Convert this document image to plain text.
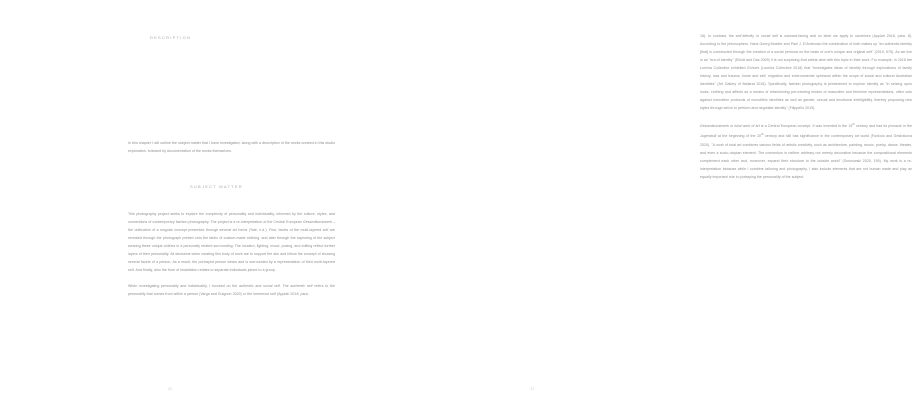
DESCRIPTION

In this chapter I will outline the subject matter that I have investigated, along with a description of the works created in this studio exploration, followed by documentation of the works themselves.

SUBJECT MATTER

This photography project seeks to explore the complexity of personality and individuality, informed by the culture, styles, and conventions of contemporary fashion photography. The project is a re-interpretation of the Central European Gesamtkunstwerk – the unification of a singular concept presented through several art forms (Tate, n.d.). First, facets of the multi-layered self are revealed through the photograph printed onto the fabric of custom-made clothing, and later through the capturing of the subject wearing these unique clothes in a personally related surrounding. The location, lighting, mood, posing, and editing reflect further layers of their personality. All decisions when creating this body of work are to support the aim and follow the concept of showing several facets of a person. As a result, the portrayed person wears and is surrounded by a representation of their multi-layered self. And finally, also the form of installation relates to separate individuals joined to a group.

When investigating personality and individuality, I focused on the authentic and social self. The authentic self refers to the personality that comes from within a person (Varga and Guignon 2020) or the innermost self (Appiah 2018, para.

20

16). In contrast, the self-identity or social self is outward-facing and no label we apply to ourselves (Appiah 2018, para. 8). According to the philosophers, Hans Georg Moeller and Paul J. D'Ambrosio the combination of both makes up "an authentic identity [that] is constructed through the creation of a social persona on the basis of one's unique and original self" (2019, 575). As we live in an "era of identity" (Elliott and Das 2009) it is not surprising that artists deal with this topic in their work. For example, in 2018 the Lumina Collective exhibited Echoes (Lumina Collective 2018) that "investigates ideas of identity through explorations of family history, loss and trauma, home and self, migration and environmental upheaval within the scope of social and cultural Australian identities" (Art Gallery of Ballarat 2018). Specifically, fashion photography is predestined to explore identity as "in seizing upon looks, clothing and affects as a means of refashioning pre-existing modes of masculine and feminine representations, often cuts against normative protocols of monolithic identities as well as gender, sexual and emotional intelligibility, thereby proposing new styles through which to perform and negotiate identity" (Filippello 2019).

Gesamtkunstwerk or total work of art is a Central European concept. It was invented in the 19th century and had its pinnacle in the Jugendstil at the beginning of the 20th century and still has significance in the contemporary art world (Funkolo and Grishakova 2020). "A work of total art combines various fields of artistic creativity, such as architecture, painting, music, poetry, dance, theater, and even a socio-utopian element. The connection is neither arbitrary nor merely decorative because the compositional elements complement each other and, moreover, expand their structure to the outside world" (Sosnowski 2020, 159). My work is a re-interpretation because while I combine tailoring and photography, I also include elements that are not human made and play an equally important role in portraying the personality of the subject.

21
